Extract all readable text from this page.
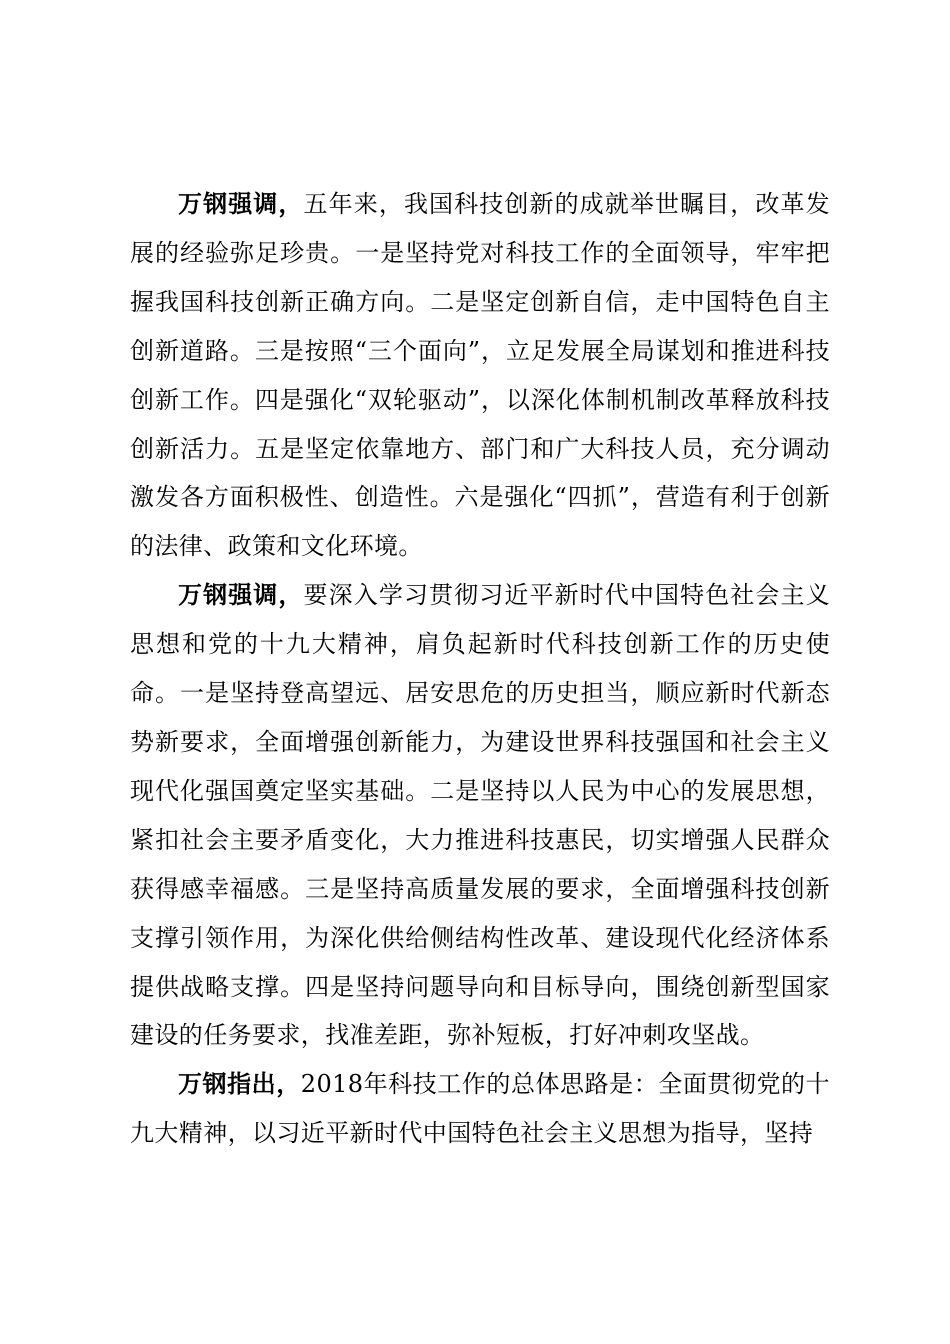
万钢强调，五年来，我国科技创新的成就举世瞩目，改革发展的经验弥足珍贵。一是坚持党对科技工作的全面领导，牢牢把握我国科技创新正确方向。二是坚定创新自信，走中国特色自主创新道路。三是按照“三个面向”，立足发展全局谋划和推进科技创新工作。四是强化“双轮驱动”，以深化体制机制改革释放科技创新活力。五是坚定依靠地方、部门和广大科技人员，充分调动激发各方面积极性、创造性。六是强化“四抓”，营造有利于创新的法律、政策和文化环境。

万钢强调，要深入学习贯彻习近平新时代中国特色社会主义思想和党的十九大精神，肩负起新时代科技创新工作的历史使命。一是坚持登高望远、居安思危的历史担当，顺应新时代新态势新要求，全面增强创新能力，为建设世界科技强国和社会主义现代化强国奠定坚实基础。二是坚持以人民为中心的发展思想，紧扣社会主要矛盾变化，大力推进科技惠民，切实增强人民群众获得感幸福感。三是坚持高质量发展的要求，全面增强科技创新支撑引领作用，为深化供给侧结构性改革、建设现代化经济体系提供战略支撑。四是坚持问题导向和目标导向，围绕创新型国家建设的任务要求，找准差距，弥补短板，打好冲刺攻坚战。

万钢指出，2018年科技工作的总体思路是：全面贯彻党的十九大精神，以习近平新时代中国特色社会主义思想为指导，坚持
